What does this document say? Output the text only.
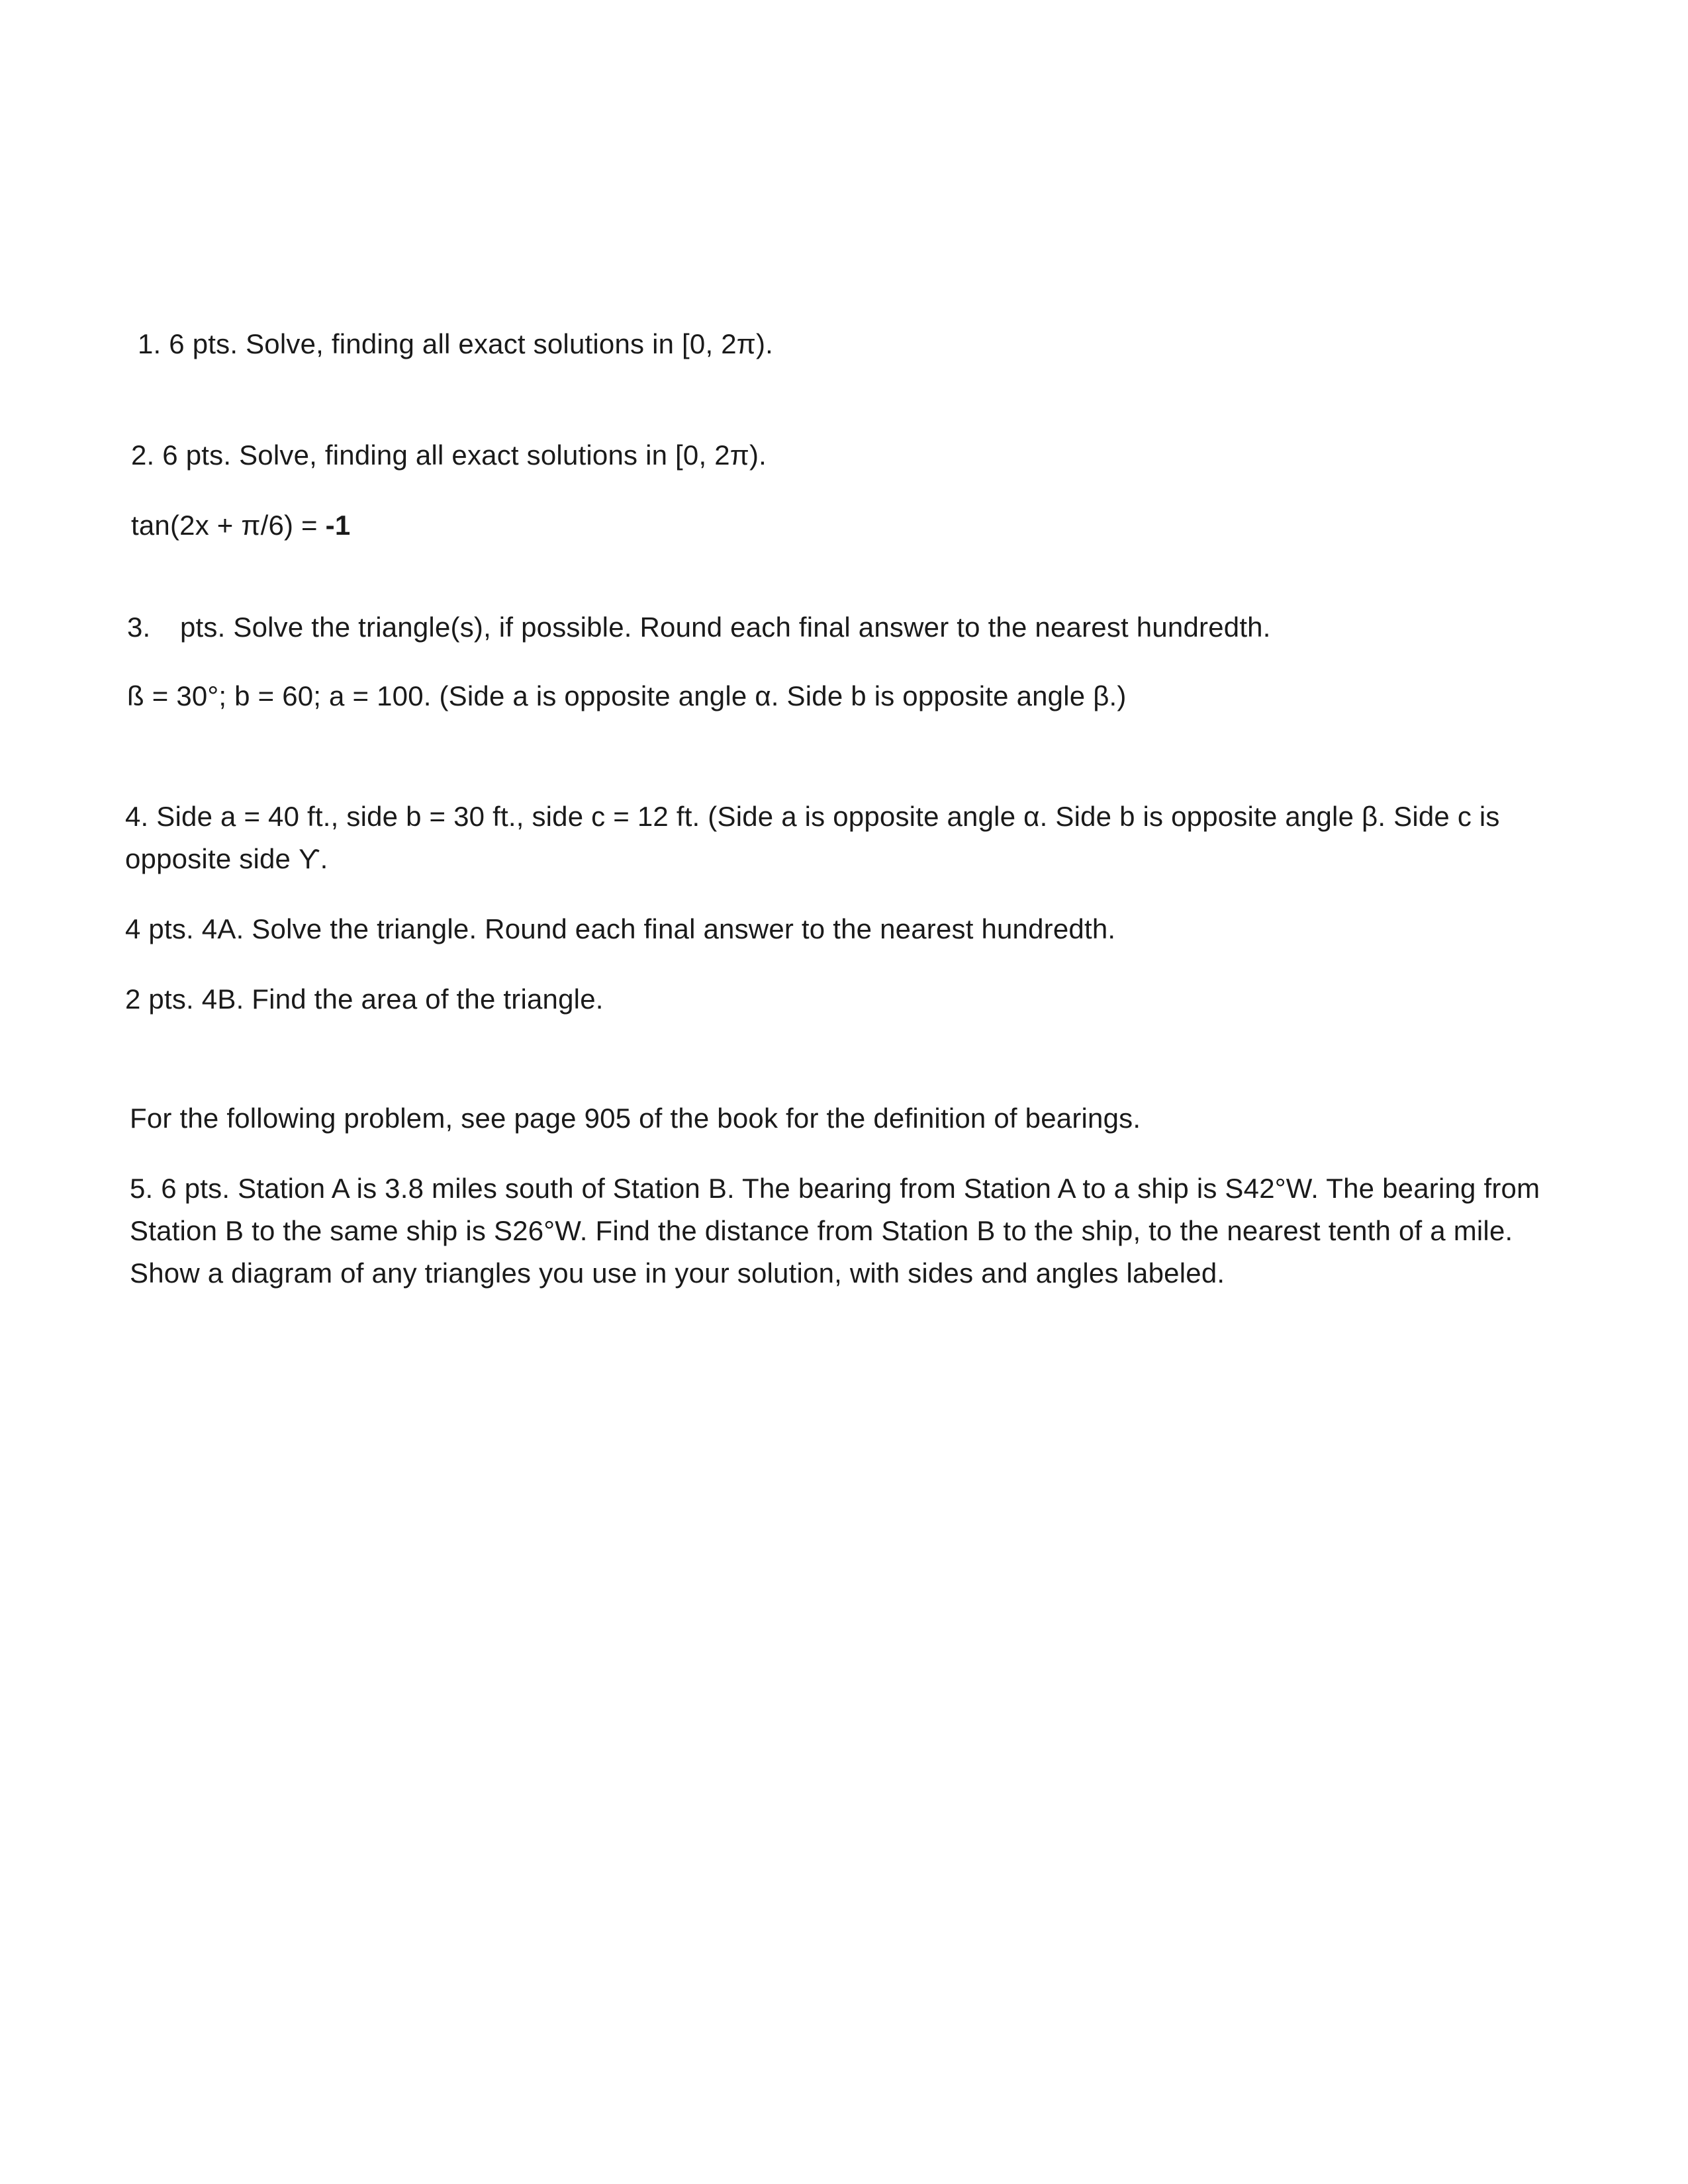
1. 6 pts. Solve, finding all exact solutions in [0, 2π).
2. 6 pts. Solve, finding all exact solutions in [0, 2π).
tan(2x + π/6) = -1
3. pts. Solve the triangle(s), if possible. Round each final answer to the nearest hundredth.
ß = 30°; b = 60; a = 100. (Side a is opposite angle α. Side b is opposite angle β.)
4. Side a = 40 ft., side b = 30 ft., side c = 12 ft. (Side a is opposite angle α. Side b is opposite angle β. Side c is
opposite side ϒ.
4 pts. 4A. Solve the triangle. Round each final answer to the nearest hundredth.
2 pts. 4B. Find the area of the triangle.
For the following problem, see page 905 of the book for the definition of bearings.
5. 6 pts. Station A is 3.8 miles south of Station B. The bearing from Station A to a ship is S42°W. The bearing from
Station B to the same ship is S26°W. Find the distance from Station B to the ship, to the nearest tenth of a mile.
Show a diagram of any triangles you use in your solution, with sides and angles labeled.
